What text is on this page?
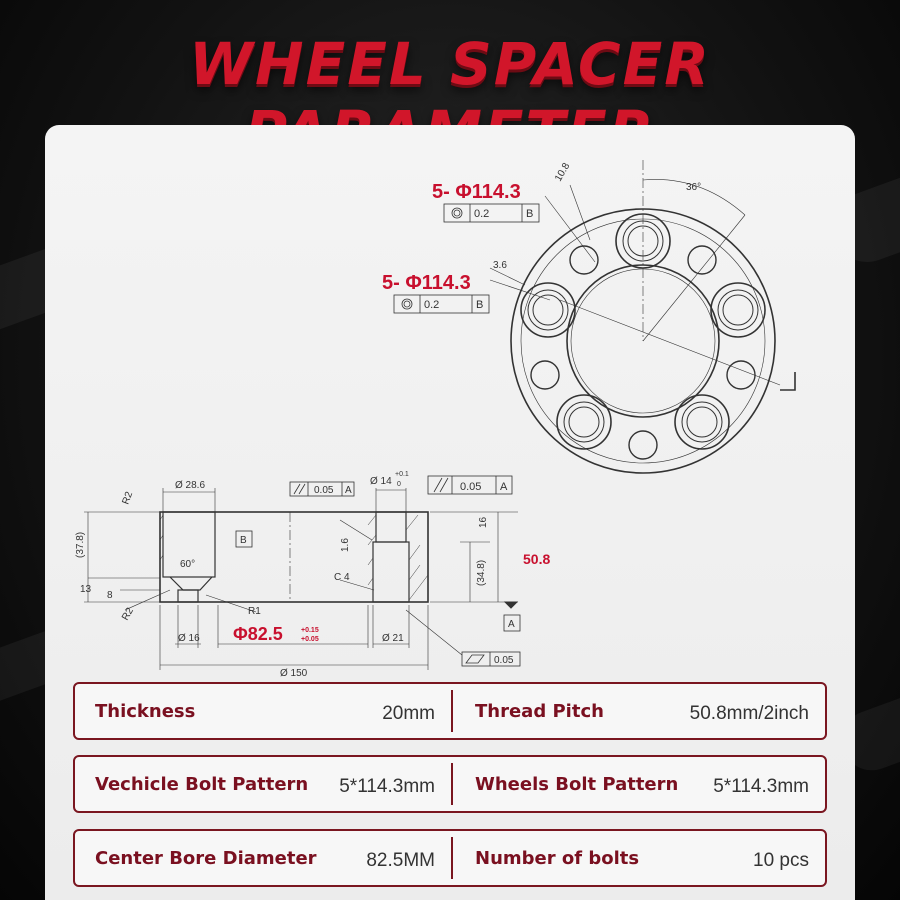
WHEEL SPACER
10.8
3.6
36°
Ø 28.6
R2
(37.8)
13
8
R2
60°
R1
B
0.05 A
Ø 14
+0.1
0	0.05 A
16
1.6
C 4	(34.8)
A
Ø 16	Ø 21
0.05
Ø 150
0.2	B
0.2	B
5- Φ114.3
5- Φ114.3
50.8
Φ82.5	+0.15
+0.05
Thickness	20mm Thread Pitch	50.8mm/2inch
Vechicle Bolt Pattern 5*114.3mm Wheels Bolt Pattern 5*114.3mm
Center Bore Diameter	82.5MM Number of bolts	10 pcs
